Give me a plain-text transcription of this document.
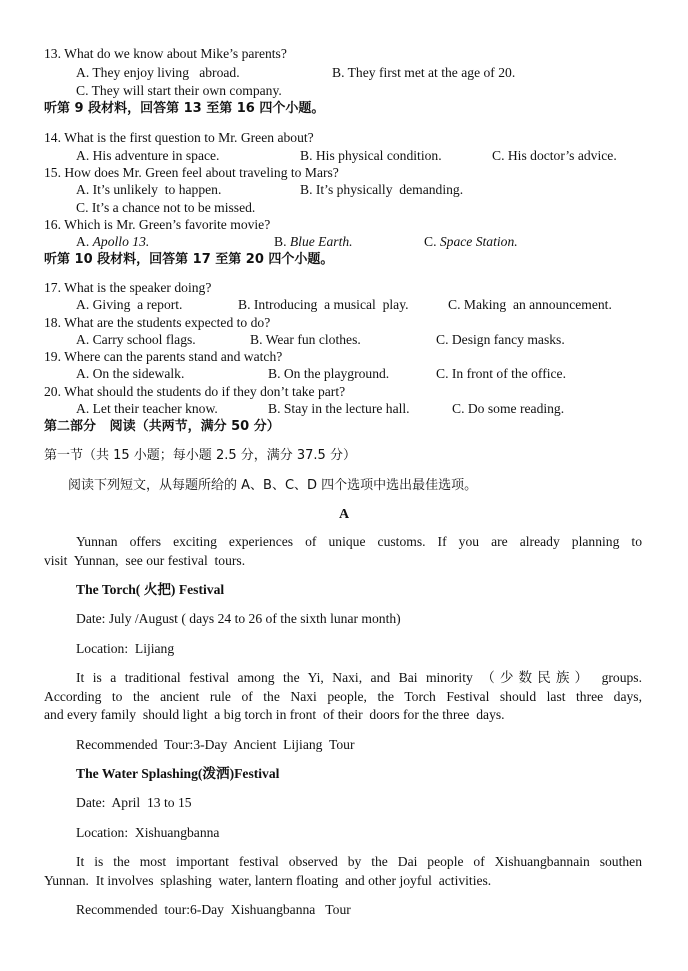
13. What do we know about Mike’s parents?
A. They enjoy living   abroad.	B. They first met at the age of 20.
C. They will start their own company.
听第 9 段材料，回答第 13 至第 16 四个小题。
14. What is the first question to Mr. Green about?
A. His adventure in space.	B. His physical condition.	C. His doctor’s advice.
15. How does Mr. Green feel about traveling to Mars?
A. It’s unlikely  to happen.	B. It’s physically  demanding.
C. It’s a chance not to be missed.
16. Which is Mr. Green’s favorite movie?
A. Apollo 13.	B. Blue Earth.	C. Space Station.
听第 10 段材料，回答第 17 至第 20 四个小题。
17. What is the speaker doing?
A. Giving  a report.	B. Introducing  a musical  play.	C. Making  an announcement.
18. What are the students expected to do?
A. Carry school flags.	B. Wear fun clothes.	C. Design fancy masks.
19. Where can the parents stand and watch?
A. On the sidewalk.	B. On the playground.	C. In front of the office.
20. What should the students do if they don’t take part?
A. Let their teacher know.	B. Stay in the lecture hall.	C. Do some reading.
第二部分   阅读（共两节，满分 50 分）
第一节（共 15 小题；每小题 2.5 分，满分 37.5 分）
阅读下列短文，从每题所给的 A、B、C、D 四个选项中选出最佳选项。
A
Yunnan offers exciting experiences of unique customs. If you are already planning to
visit  Yunnan,  see our festival  tours.
The Torch( 火把) Festival
Date: July /August ( days 24 to 26 of the sixth lunar month)
Location:  Lijiang
It is a traditional festival among the Yi, Naxi, and Bai minority （少数民族） groups.
According to the ancient rule of the Naxi people, the Torch Festival should last three days,
and every family  should light  a big torch in front  of their  doors for the three  days.
Recommended  Tour:3-Day  Ancient  Lijiang  Tour
The Water Splashing(泼洒)Festival
Date:  April  13 to 15
Location:  Xishuangbanna
It is the most important festival observed by the Dai people of Xishuangbannain southen
Yunnan.  It involves  splashing  water, lantern floating  and other joyful  activities.
Recommended  tour:6-Day  Xishuangbanna   Tour
